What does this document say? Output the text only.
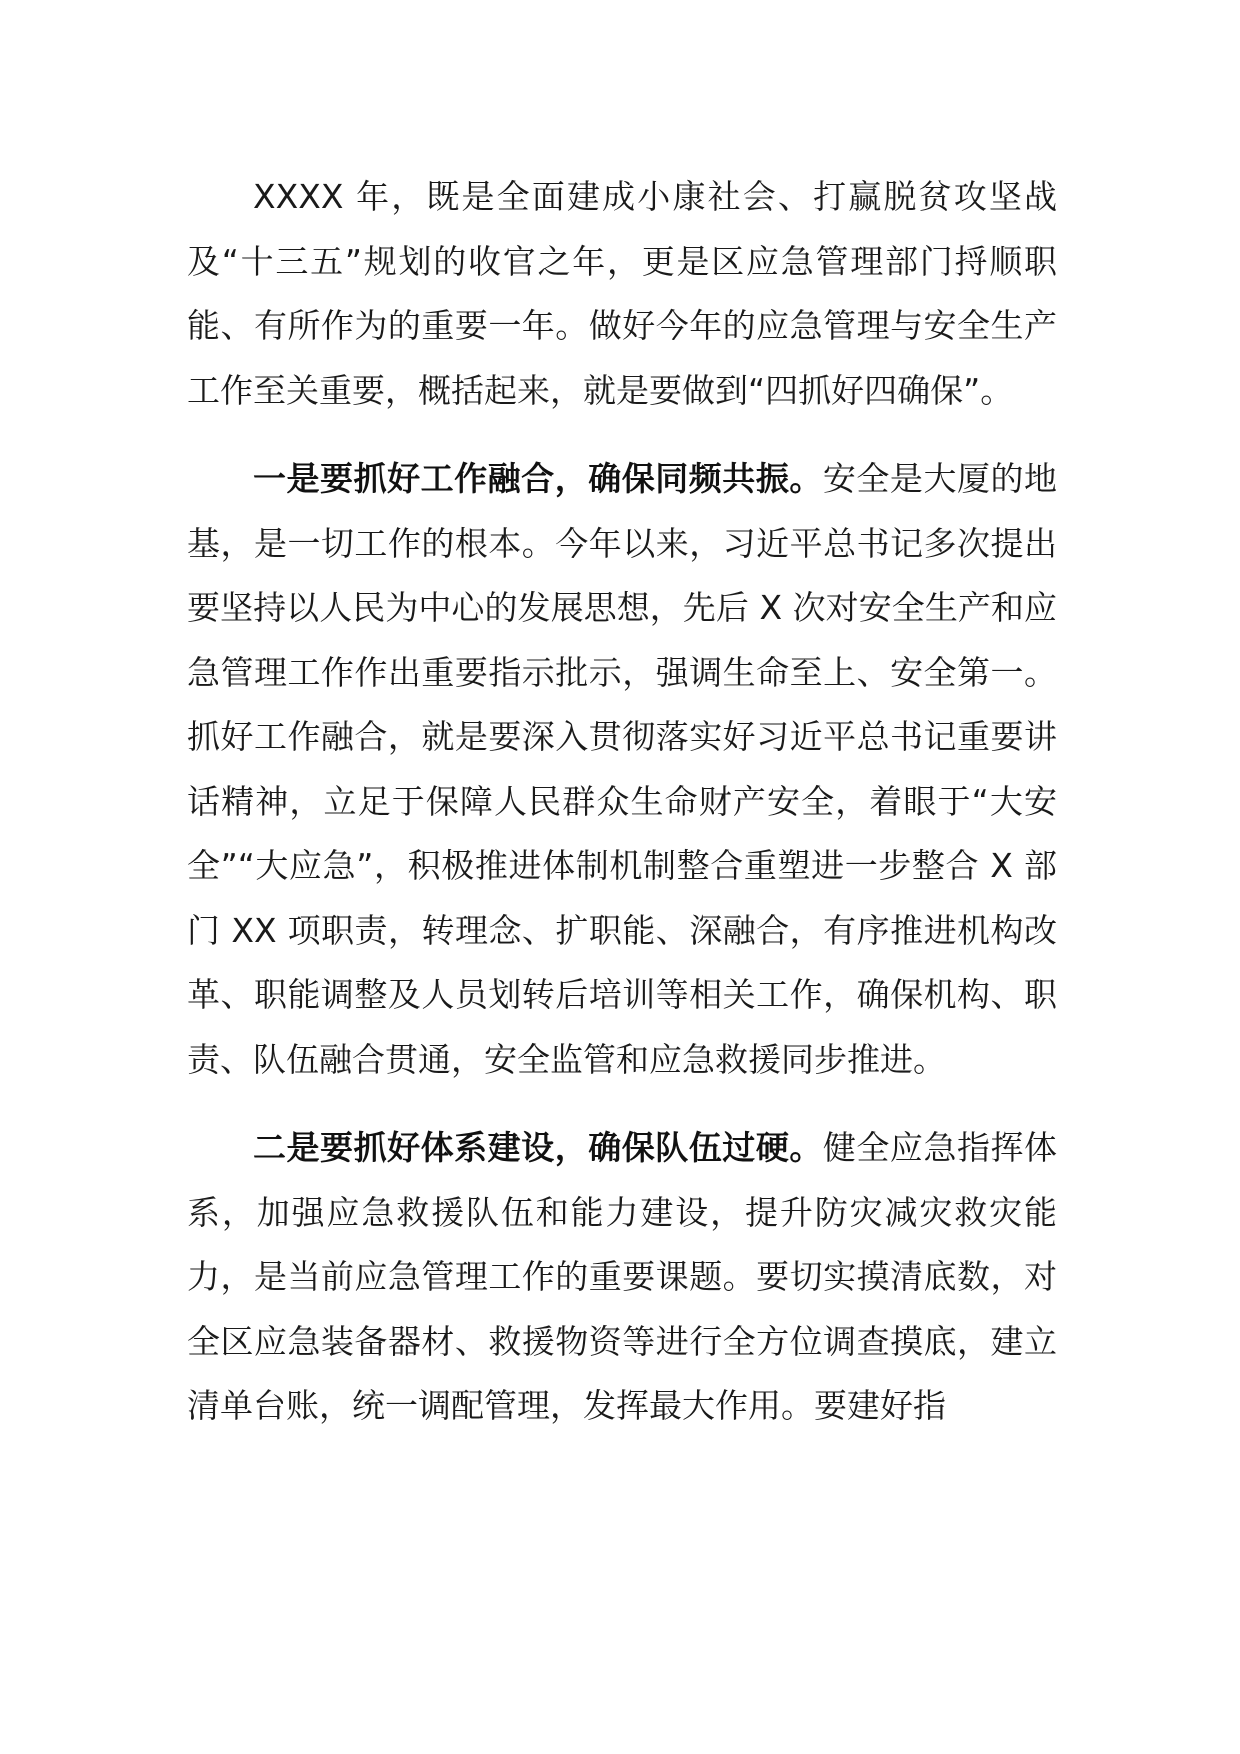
XXXX 年，既是全面建成小康社会、打赢脱贫攻坚战及“十三五”规划的收官之年，更是区应急管理部门捋顺职能、有所作为的重要一年。做好今年的应急管理与安全生产工作至关重要，概括起来，就是要做到“四抓好四确保”。

一是要抓好工作融合，确保同频共振。安全是大厦的地基，是一切工作的根本。今年以来，习近平总书记多次提出要坚持以人民为中心的发展思想，先后 X 次对安全生产和应急管理工作作出重要指示批示，强调生命至上、安全第一。抓好工作融合，就是要深入贯彻落实好习近平总书记重要讲话精神，立足于保障人民群众生命财产安全，着眼于“大安全”“大应急”，积极推进体制机制整合重塑进一步整合 X 部门 XX 项职责，转理念、扩职能、深融合，有序推进机构改革、职能调整及人员划转后培训等相关工作，确保机构、职责、队伍融合贯通，安全监管和应急救援同步推进。

二是要抓好体系建设，确保队伍过硬。健全应急指挥体系，加强应急救援队伍和能力建设，提升防灾减灾救灾能力，是当前应急管理工作的重要课题。要切实摸清底数，对全区应急装备器材、救援物资等进行全方位调查摸底，建立清单台账，统一调配管理，发挥最大作用。要建好指
